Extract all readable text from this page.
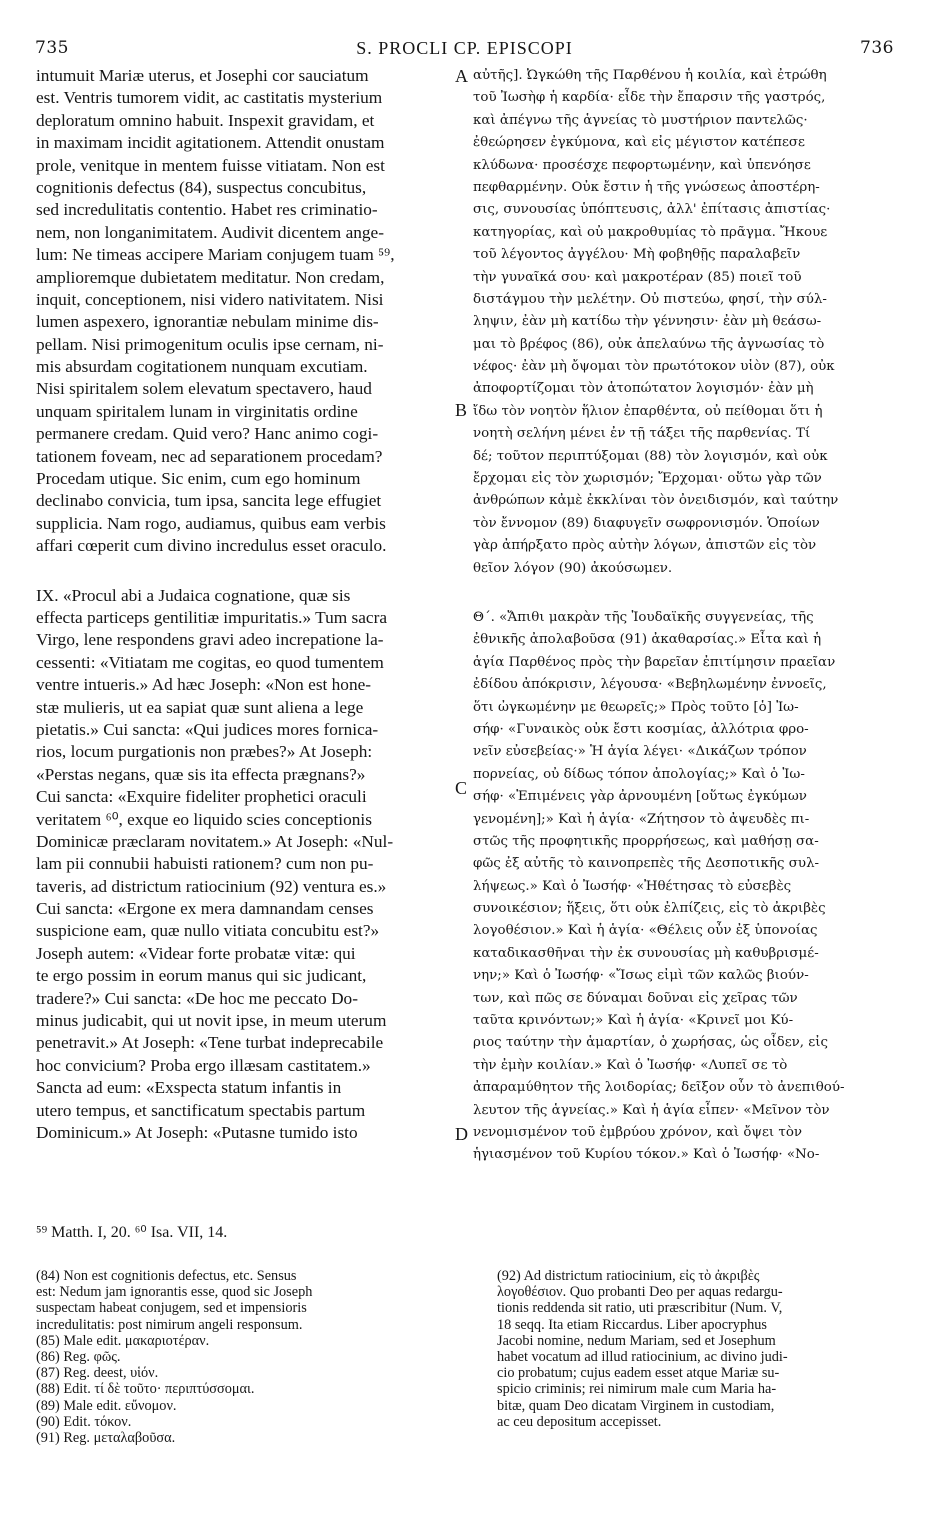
735	S. PROCLI CP. EPISCOPI	736
intumuit Mariæ uterus, et Josephi cor sauciatum
est. Ventris tumorem vidit, ac castitatis mysterium
deploratum omnino habuit. Inspexit gravidam, et
in maximam incidit agitationem. Attendit onustam
prole, venitque in mentem fuisse vitiatam. Non est
cognitionis defectus (84), suspectus concubitus,
sed incredulitatis contentio. Habet res criminatio-
nem, non longanimitatem. Audivit dicentem ange-
lum: Ne timeas accipere Mariam conjugem tuam ⁵⁹,
amplioremque dubietatem meditatur. Non credam,
inquit, conceptionem, nisi videro nativitatem. Nisi
lumen aspexero, ignorantiæ nebulam minime dis-
pellam. Nisi primogenitum oculis ipse cernam, ni-
mis absurdam cogitationem nunquam excutiam.
Nisi spiritalem solem elevatum spectavero, haud
unquam spiritalem lunam in virginitatis ordine
permanere credam. Quid vero? Hanc animo cogi-
tationem foveam, nec ad separationem procedam?
Procedam utique. Sic enim, cum ego hominum
declinabo convicia, tum ipsa, sancita lege effugiet
supplicia. Nam rogo, audiamus, quibus eam verbis
affari cœperit cum divino incredulus esset oraculo.
IX. «Procul abi a Judaica cognatione, quæ sis
effecta particeps gentilitiæ impuritatis.» Tum sacra
Virgo, lene respondens gravi adeo increpatione la-
cessenti: «Vitiatam me cogitas, eo quod tumentem
ventre intueris.» Ad hæc Joseph: «Non est hone-
stæ mulieris, ut ea sapiat quæ sunt aliena a lege
pietatis.» Cui sancta: «Qui judices mores fornica-
rios, locum purgationis non præbes?» At Joseph:
«Perstas negans, quæ sis ita effecta prægnans?»
Cui sancta: «Exquire fideliter prophetici oraculi
veritatem ⁶⁰, exque eo liquido scies conceptionis
Dominicæ præclaram novitatem.» At Joseph: «Nul-
lam pii connubii habuisti rationem? cum non pu-
taveris, ad districtum ratiocinium (92) ventura es.»
Cui sancta: «Ergone ex mera damnandam censes
suspicione eam, quæ nullo vitiata concubitu est?»
Joseph autem: «Videar forte probatæ vitæ: qui
te ergo possim in eorum manus qui sic judicant,
tradere?» Cui sancta: «De hoc me peccato Do-
minus judicabit, qui ut novit ipse, in meum uterum
penetravit.» At Joseph: «Tene turbat indeprecabile
hoc convicium? Proba ergo illæsam castitatem.»
Sancta ad eum: «Exspecta statum infantis in
utero tempus, et sanctificatum spectabis partum
Dominicum.» At Joseph: «Putasne tumido isto
αὐτῆς]. Ὠγκώθη τῆς Παρθένου ἡ κοιλία, καὶ ἐτρώθη
τοῦ Ἰωσὴφ ἡ καρδία· εἶδε τὴν ἔπαρσιν τῆς γαστρός,
καὶ ἀπέγνω τῆς ἁγνείας τὸ μυστήριον παντελῶς·
ἐθεώρησεν ἐγκύμονα, καὶ εἰς μέγιστον κατέπεσε
κλύδωνα· προσέσχε πεφορτωμένην, καὶ ὑπενόησε
πεφθαρμένην. Οὐκ ἔστιν ἡ τῆς γνώσεως ἀποστέρη-
σις, συνουσίας ὑπόπτευσις, ἀλλ' ἐπίτασις ἀπιστίας·
κατηγορίας, καὶ οὐ μακροθυμίας τὸ πρᾶγμα. Ἤκουε
τοῦ λέγοντος ἀγγέλου· Μὴ φοβηθῇς παραλαβεῖν
τὴν γυναῖκά σου· καὶ μακροτέραν (85) ποιεῖ τοῦ
διστάγμου τὴν μελέτην. Οὐ πιστεύω, φησί, τὴν σύλ-
ληψιν, ἐὰν μὴ κατίδω τὴν γέννησιν· ἐὰν μὴ θεάσω-
μαι τὸ βρέφος (86), οὐκ ἀπελαύνω τῆς ἀγνωσίας τὸ
νέφος· ἐὰν μὴ ὄψομαι τὸν πρωτότοκον υἱὸν (87), οὐκ
ἀποφορτίζομαι τὸν ἀτοπώτατον λογισμόν· ἐὰν μὴ
ἴδω τὸν νοητὸν ἥλιον ἐπαρθέντα, οὐ πείθομαι ὅτι ἡ
νοητὴ σελήνη μένει ἐν τῇ τάξει τῆς παρθενίας. Τί
δέ; τοῦτον περιπτύξομαι (88) τὸν λογισμόν, καὶ οὐκ
ἔρχομαι εἰς τὸν χωρισμόν; Ἔρχομαι· οὕτω γὰρ τῶν
ἀνθρώπων κἀμὲ ἐκκλίναι τὸν ὀνειδισμόν, καὶ ταύτην
τὸν ἔννομον (89) διαφυγεῖν σωφρονισμόν. Ὁποίων
γὰρ ἀπήρξατο πρὸς αὐτὴν λόγων, ἀπιστῶν εἰς τὸν
θεῖον λόγον (90) ἀκούσωμεν.
Θ΄. «Ἄπιθι μακρὰν τῆς Ἰουδαϊκῆς συγγενείας, τῆς
ἐθνικῆς ἀπολαβοῦσα (91) ἀκαθαρσίας.» Εἶτα καὶ ἡ
ἁγία Παρθένος πρὸς τὴν βαρεῖαν ἐπιτίμησιν πραεῖαν
ἐδίδου ἀπόκρισιν, λέγουσα· «Βεβηλωμένην ἐννοεῖς,
ὅτι ὠγκωμένην με θεωρεῖς;» Πρὸς τοῦτο [ὁ] Ἰω-
σήφ· «Γυναικὸς οὐκ ἔστι κοσμίας, ἀλλότρια φρο-
νεῖν εὐσεβείας·» Ἡ ἁγία λέγει· «Δικάζων τρόπον
πορνείας, οὐ δίδως τόπον ἀπολογίας;» Καὶ ὁ Ἰω-
σήφ· «Ἐπιμένεις γὰρ ἀρνουμένη [οὕτως ἐγκύμων
γενομένη];» Καὶ ἡ ἁγία· «Ζήτησον τὸ ἀψευδὲς πι-
στῶς τῆς προφητικῆς προρρήσεως, καὶ μαθήσῃ σα-
φῶς ἐξ αὐτῆς τὸ καινοπρεπὲς τῆς Δεσποτικῆς συλ-
λήψεως.» Καὶ ὁ Ἰωσήφ· «Ἠθέτησας τὸ εὐσεβὲς
συνοικέσιον; ἥξεις, ὅτι οὐκ ἐλπίζεις, εἰς τὸ ἀκριβὲς
λογοθέσιον.» Καὶ ἡ ἁγία· «Θέλεις οὖν ἐξ ὑπονοίας
καταδικασθῆναι τὴν ἐκ συνουσίας μὴ καθυβρισμέ-
νην;» Καὶ ὁ Ἰωσήφ· «Ἴσως εἰμὶ τῶν καλῶς βιούν-
των, καὶ πῶς σε δύναμαι δοῦναι εἰς χεῖρας τῶν
ταῦτα κρινόντων;» Καὶ ἡ ἁγία· «Κρινεῖ μοι Κύ-
ριος ταύτην τὴν ἁμαρτίαν, ὁ χωρήσας, ὡς οἶδεν, εἰς
τὴν ἐμὴν κοιλίαν.» Καὶ ὁ Ἰωσήφ· «Λυπεῖ σε τὸ
ἀπαραμύθητον τῆς λοιδορίας; δεῖξον οὖν τὸ ἀνεπιθού-
λευτον τῆς ἁγνείας.» Καὶ ἡ ἁγία εἶπεν· «Μεῖνον τὸν
νενομισμένον τοῦ ἐμβρύου χρόνον, καὶ ὄψει τὸν
ἡγιασμένον τοῦ Κυρίου τόκον.» Καὶ ὁ Ἰωσήφ· «Νο-
A
B
C
D
⁵⁹ Matth. I, 20. ⁶⁰ Isa. VII, 14.
(84) Non est cognitionis defectus, etc. Sensus
est: Nedum jam ignorantis esse, quod sic Joseph
suspectam habeat conjugem, sed et impensioris
incredulitatis: post nimirum angeli responsum.
(85) Male edit. μακαριοτέραν.
(86) Reg. φῶς.
(87) Reg. deest, υἱόν.
(88) Edit. τί δὲ τοῦτο· περιπτύσσομαι.
(89) Male edit. εὔνομον.
(90) Edit. τόκον.
(91) Reg. μεταλαβοῦσα.
(92) Ad districtum ratiocinium, εἰς τὸ ἀκριβὲς
λογοθέσιον. Quo probanti Deo per aquas redargu-
tionis reddenda sit ratio, uti præscribitur (Num. V,
18 seqq. Ita etiam Riccardus. Liber apocryphus
Jacobi nomine, nedum Mariam, sed et Josephum
habet vocatum ad illud ratiocinium, ac divino judi-
cio probatum; cujus eadem esset atque Mariæ su-
spicio criminis; rei nimirum male cum Maria ha-
bitæ, quam Deo dicatam Virginem in custodiam,
ac ceu depositum accepisset.
